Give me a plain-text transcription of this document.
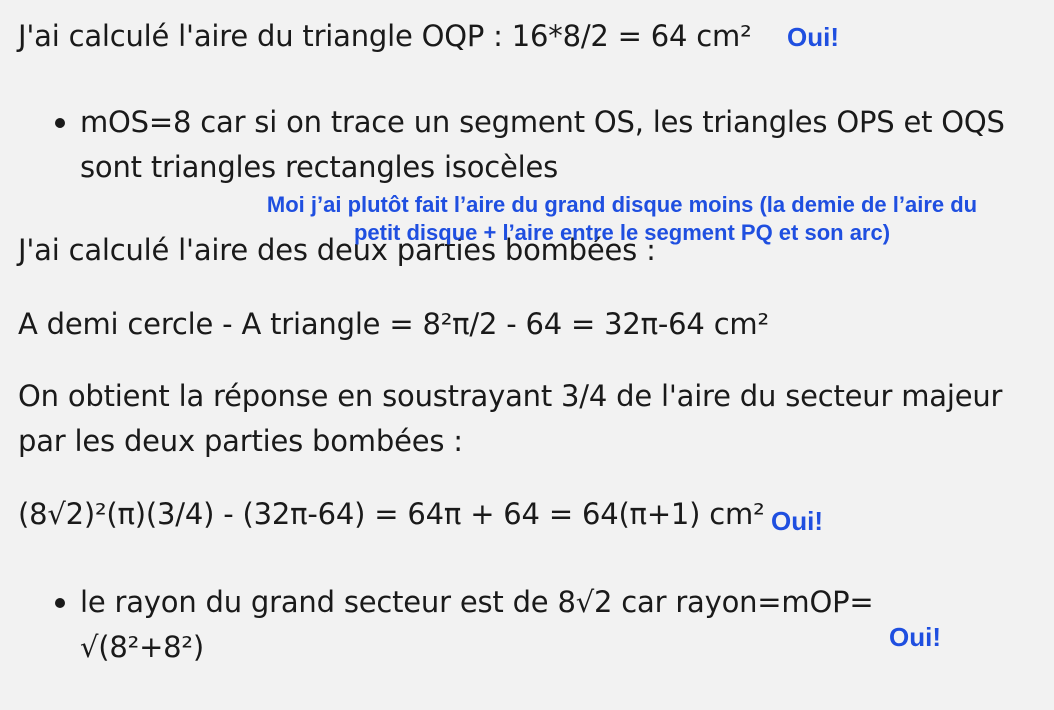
J'ai calculé l'aire du triangle OQP : 16*8/2 = 64 cm² Oui!
mOS=8 car si on trace un segment OS, les triangles OPS et OQS
sont triangles rectangles isocèles
J'ai calculé l'aire des deux parties bombées :
Moi j’ai plutôt fait l’aire du grand disque moins (la demie de l’aire du
petit disque + l’aire entre le segment PQ et son arc)
A demi cercle - A triangle = 8²π/2 - 64 = 32π-64 cm²
On obtient la réponse en soustrayant 3/4 de l'aire du secteur majeur
par les deux parties bombées :
(8√2)²(π)(3/4) - (32π-64) = 64π + 64 = 64(π+1) cm² Oui!
le rayon du grand secteur est de 8√2 car rayon=mOP=
√(8²+8²)	Oui!
